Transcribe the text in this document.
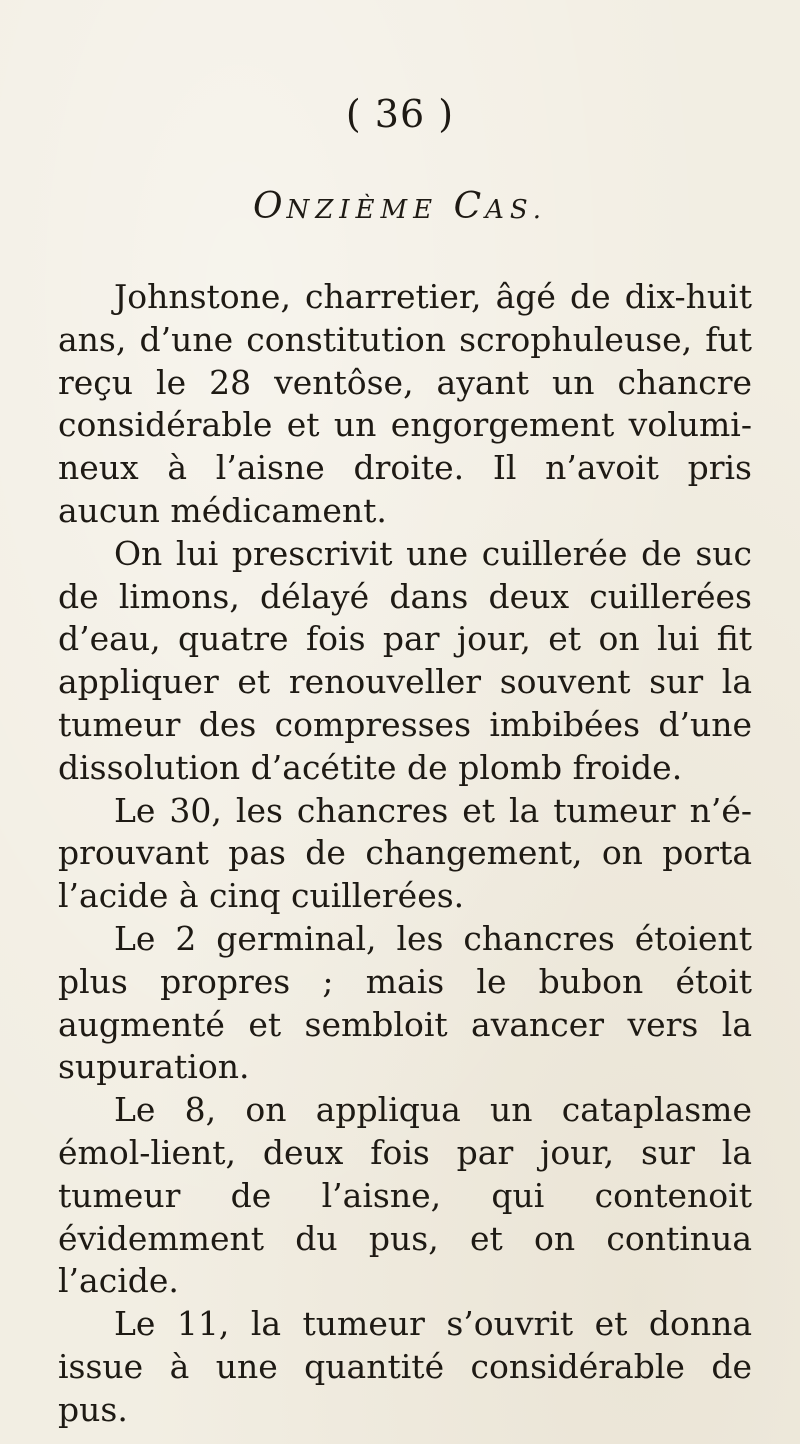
( 36 )
ONZIÈME CAS.

Johnstone, charretier, âgé de dix-huit ans, d’une constitution scrophuleuse, fut reçu le 28 ventôse, ayant un chancre considérable et un engorgement volumi-neux à l’aisne droite. Il n’avoit pris aucun médicament.

On lui prescrivit une cuillerée de suc de limons, délayé dans deux cuillerées d’eau, quatre fois par jour, et on lui fit appliquer et renouveller souvent sur la tumeur des compresses imbibées d’une dissolution d’acétite de plomb froide.

Le 30, les chancres et la tumeur n’é-prouvant pas de changement, on porta l’acide à cinq cuillerées.

Le 2 germinal, les chancres étoient plus propres ; mais le bubon étoit augmenté et sembloit avancer vers la supuration.

Le 8, on appliqua un cataplasme émol-lient, deux fois par jour, sur la tumeur de l’aisne, qui contenoit évidemment du pus, et on continua l’acide.

Le 11, la tumeur s’ouvrit et donna issue à une quantité considérable de pus.
